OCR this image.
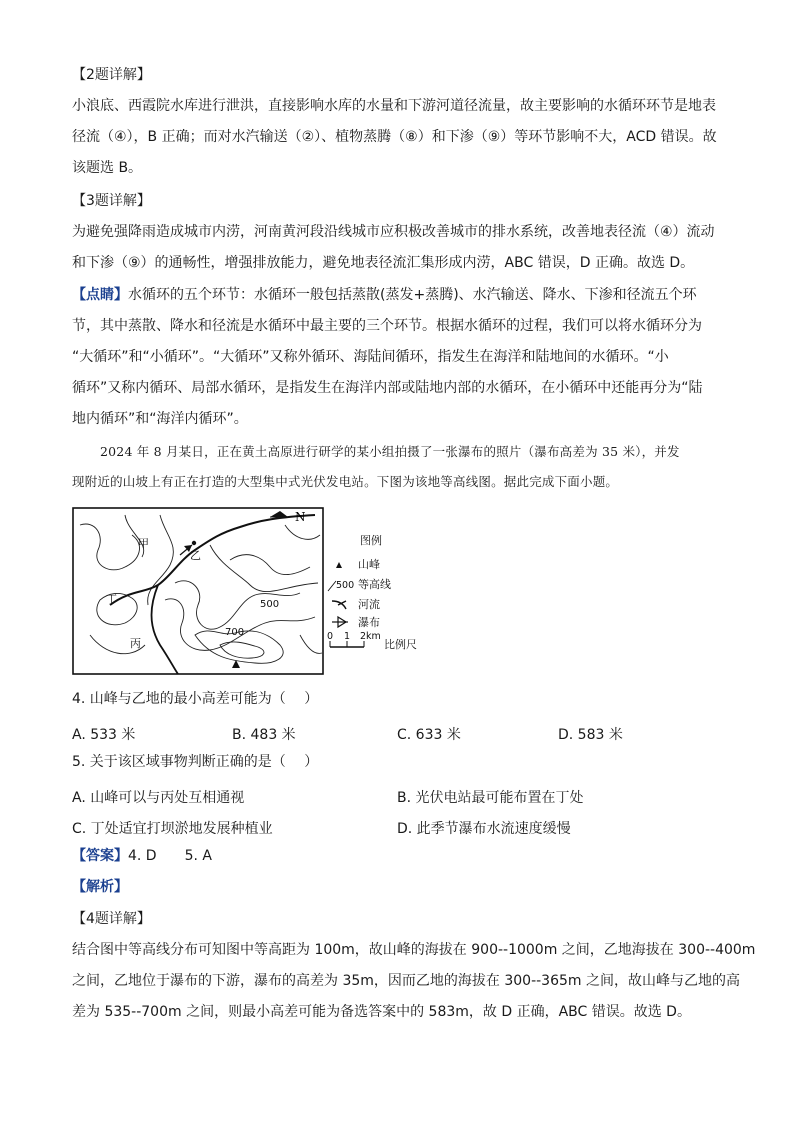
【2题详解】
小浪底、西霞院水库进行泄洪，直接影响水库的水量和下游河道径流量，故主要影响的水循环环节是地表
径流（④），B 正确；而对水汽输送（②）、植物蒸腾（⑧）和下渗（⑨）等环节影响不大，ACD 错误。故
该题选 B。
【3题详解】
为避免强降雨造成城市内涝，河南黄河段沿线城市应积极改善城市的排水系统，改善地表径流（④）流动
和下渗（⑨）的通畅性，增强排放能力，避免地表径流汇集形成内涝，ABC 错误，D 正确。故选 D。
【点睛】水循环的五个环节：水循环一般包括蒸散(蒸发+蒸腾)、水汽输送、降水、下渗和径流五个环
节，其中蒸散、降水和径流是水循环中最主要的三个环节。根据水循环的过程，我们可以将水循环分为
“大循环”和“小循环”。“大循环”又称外循环、海陆间循环，指发生在海洋和陆地间的水循环。“小
循环”又称内循环、局部水循环，是指发生在海洋内部或陆地内部的水循环，在小循环中还能再分为“陆
地内循环”和“海洋内循环”。
2024 年 8 月某日，正在黄土高原进行研学的某小组拍摄了一张瀑布的照片（瀑布高差为 35 米），并发
现附近的山坡上有正在打造的大型集中式光伏发电站。下图为该地等高线图。据此完成下面小题。
N
甲
乙
丁
丙
500
700
图例
山峰
500 等高线
河流
瀑布
0 1 2km
比例尺
4. 山峰与乙地的最小高差可能为（　 ）
A. 533 米	B. 483 米	C. 633 米	D. 583 米
5. 关于该区域事物判断正确的是（　 ）
A. 山峰可以与丙处互相通视	B. 光伏电站最可能布置在丁处
C. 丁处适宜打坝淤地发展种植业	D. 此季节瀑布水流速度缓慢
【答案】4. D　　5. A
【解析】
【4题详解】
结合图中等高线分布可知图中等高距为 100m，故山峰的海拔在 900--1000m 之间，乙地海拔在 300--400m
之间，乙地位于瀑布的下游，瀑布的高差为 35m，因而乙地的海拔在 300--365m 之间，故山峰与乙地的高
差为 535--700m 之间，则最小高差可能为备选答案中的 583m，故 D 正确，ABC 错误。故选 D。
